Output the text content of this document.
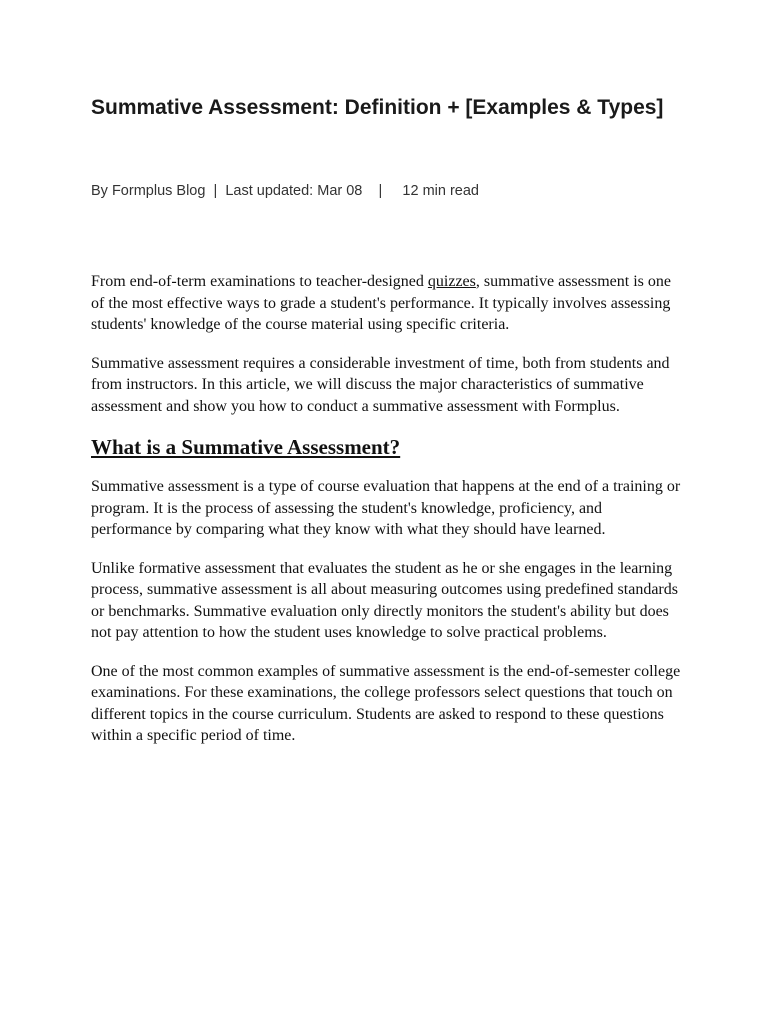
Summative Assessment: Definition + [Examples & Types]
By Formplus Blog  |  Last updated: Mar 08    |     12 min read

From end-of-term examinations to teacher-designed quizzes, summative assessment is one of the most effective ways to grade a student's performance. It typically involves assessing students' knowledge of the course material using specific criteria.

Summative assessment requires a considerable investment of time, both from students and from instructors. In this article, we will discuss the major characteristics of summative assessment and show you how to conduct a summative assessment with Formplus.

What is a Summative Assessment?

Summative assessment is a type of course evaluation that happens at the end of a training or program. It is the process of assessing the student's knowledge, proficiency, and performance by comparing what they know with what they should have learned.

Unlike formative assessment that evaluates the student as he or she engages in the learning process, summative assessment is all about measuring outcomes using predefined standards or benchmarks. Summative evaluation only directly monitors the student's ability but does not pay attention to how the student uses knowledge to solve practical problems.

One of the most common examples of summative assessment is the end-of-semester college examinations. For these examinations, the college professors select questions that touch on different topics in the course curriculum. Students are asked to respond to these questions within a specific period of time.
